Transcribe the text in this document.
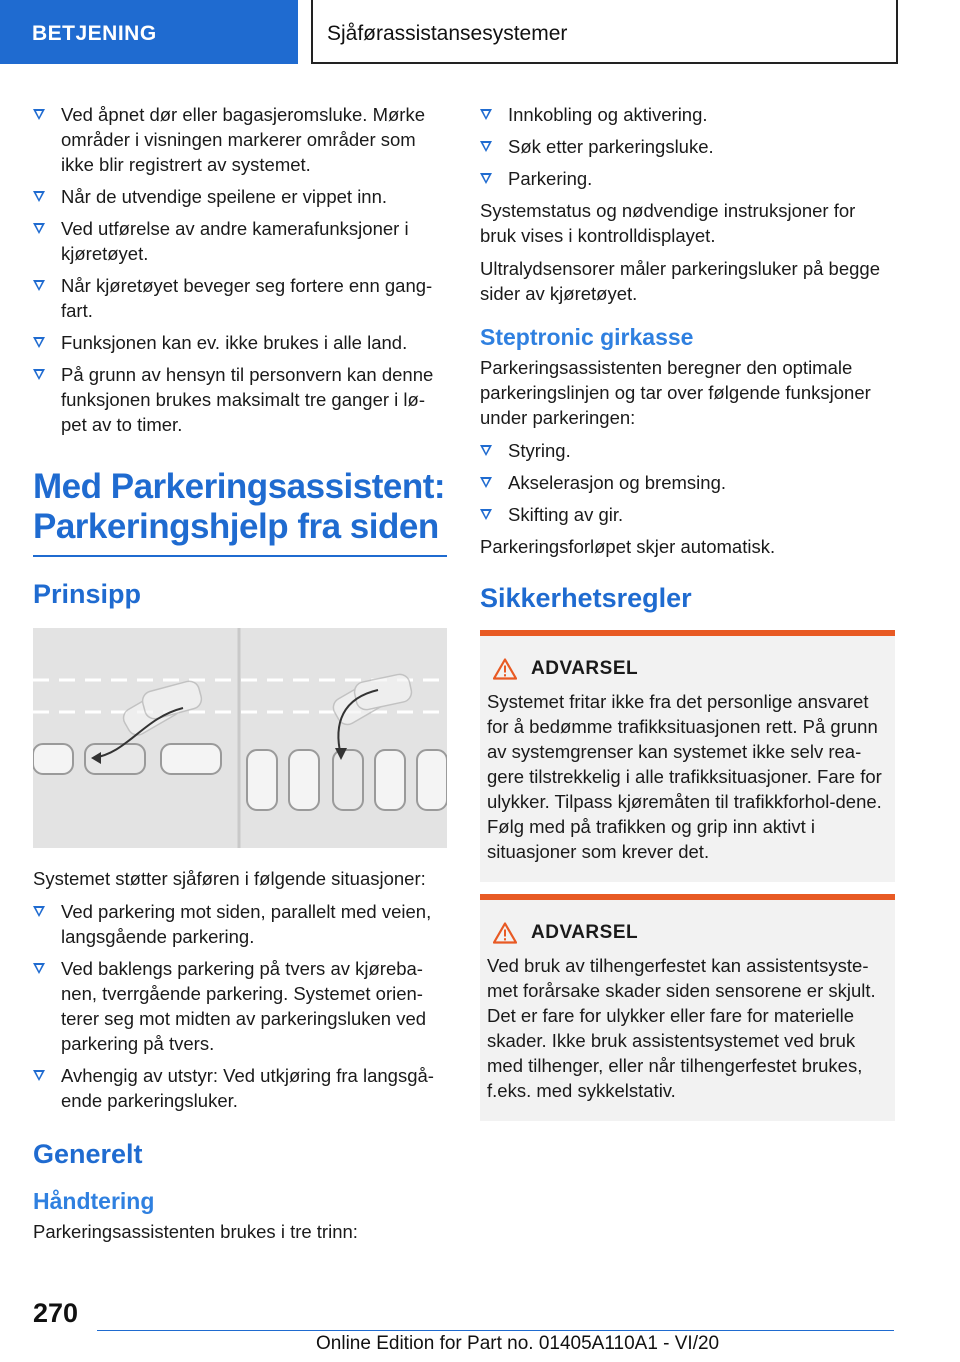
BETJENING	Sjåførassistansesystemer
Ved åpnet dør eller bagasjeromsluke. Mørke områder i visningen markerer områder som ikke blir registrert av systemet.
Når de utvendige speilene er vippet inn.
Ved utførelse av andre kamerafunksjoner i kjøretøyet.
Når kjøretøyet beveger seg fortere enn gang-fart.
Funksjonen kan ev. ikke brukes i alle land.
På grunn av hensyn til personvern kan denne funksjonen brukes maksimalt tre ganger i lø-pet av to timer.
Med Parkeringsassistent: Parkeringshjelp fra siden
Prinsipp

Systemet støtter sjåføren i følgende situasjoner:

Ved parkering mot siden, parallelt med veien, langsgående parkering.
Ved baklengs parkering på tvers av kjøreba-nen, tverrgående parkering. Systemet orien-terer seg mot midten av parkeringsluken ved parkering på tvers.
Avhengig av utstyr: Ved utkjøring fra langsgå-ende parkeringsluker.
Generelt
Håndtering

Parkeringsassistenten brukes i tre trinn:

Innkobling og aktivering.
Søk etter parkeringsluke.
Parkering.

Systemstatus og nødvendige instruksjoner for bruk vises i kontrolldisplayet.

Ultralydsensorer måler parkeringsluker på begge sider av kjøretøyet.

Steptronic girkasse

Parkeringsassistenten beregner den optimale parkeringslinjen og tar over følgende funksjoner under parkeringen:

Styring.
Akselerasjon og bremsing.
Skifting av gir.

Parkeringsforløpet skjer automatisk.

Sikkerhetsregler
ADVARSEL

Systemet fritar ikke fra det personlige ansvaret for å bedømme trafikksituasjonen rett. På grunn av systemgrenser kan systemet ikke selv rea-gere tilstrekkelig i alle trafikksituasjoner. Fare for ulykker. Tilpass kjøremåten til trafikkforhol-dene. Følg med på trafikken og grip inn aktivt i situasjoner som krever det.

ADVARSEL

Ved bruk av tilhengerfestet kan assistentsyste-met forårsake skader siden sensorene er skjult. Det er fare for ulykker eller fare for materielle skader. Ikke bruk assistentsystemet ved bruk med tilhenger, eller når tilhengerfestet brukes, f.eks. med sykkelstativ.

270
Online Edition for Part no. 01405A110A1 - VI/20
